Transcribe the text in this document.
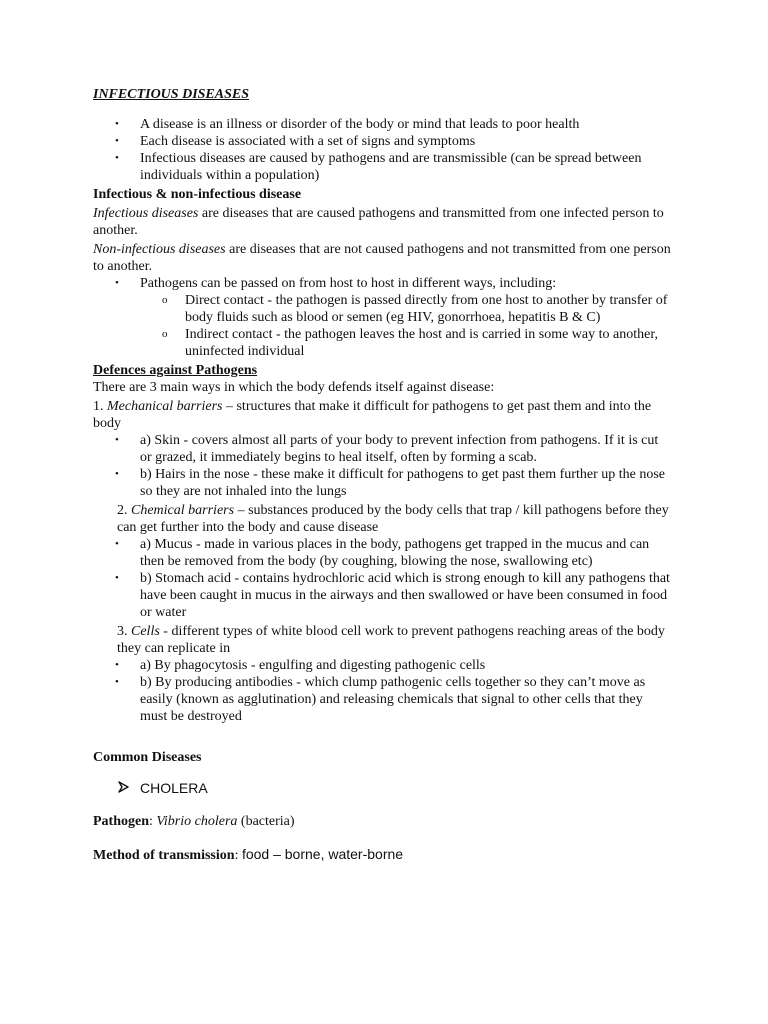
INFECTIOUS DISEASES
• A disease is an illness or disorder of the body or mind that leads to poor health
• Each disease is associated with a set of signs and symptoms
• Infectious diseases are caused by pathogens and are transmissible (can be spread between individuals within a population)
Infectious & non-infectious disease
Infectious diseases are diseases that are caused pathogens and transmitted from one infected person to another.
Non-infectious diseases are diseases that are not caused pathogens and not transmitted from one person to another.
• Pathogens can be passed on from host to host in different ways, including:
o Direct contact - the pathogen is passed directly from one host to another by transfer of body fluids such as blood or semen (eg HIV, gonorrhoea, hepatitis B & C)
o Indirect contact - the pathogen leaves the host and is carried in some way to another, uninfected individual
Defences against Pathogens
There are 3 main ways in which the body defends itself against disease:
1. Mechanical barriers – structures that make it difficult for pathogens to get past them and into the body
• a) Skin - covers almost all parts of your body to prevent infection from pathogens. If it is cut or grazed, it immediately begins to heal itself, often by forming a scab.
• b) Hairs in the nose - these make it difficult for pathogens to get past them further up the nose so they are not inhaled into the lungs
2. Chemical barriers – substances produced by the body cells that trap / kill pathogens before they can get further into the body and cause disease
• a) Mucus - made in various places in the body, pathogens get trapped in the mucus and can then be removed from the body (by coughing, blowing the nose, swallowing etc)
• b) Stomach acid - contains hydrochloric acid which is strong enough to kill any pathogens that have been caught in mucus in the airways and then swallowed or have been consumed in food or water
3. Cells - different types of white blood cell work to prevent pathogens reaching areas of the body they can replicate in
• a) By phagocytosis - engulfing and digesting pathogenic cells
• b) By producing antibodies - which clump pathogenic cells together so they can’t move as easily (known as agglutination) and releasing chemicals that signal to other cells that they must be destroyed
Common Diseases
CHOLERA
Pathogen: Vibrio cholera (bacteria)
Method of transmission: food – borne, water-borne
